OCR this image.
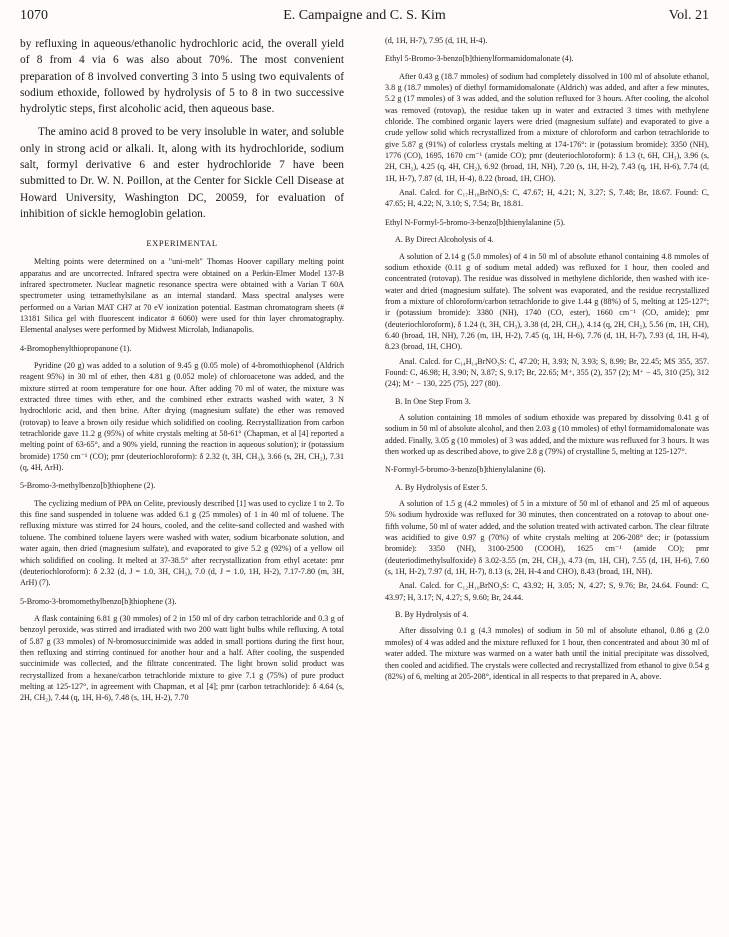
1070	E. Campaigne and C. S. Kim	Vol. 21

by refluxing in aqueous/ethanolic hydrochloric acid, the overall yield of 8 from 4 via 6 was also about 70%. The most convenient preparation of 8 involved converting 3 into 5 using two equivalents of sodium ethoxide, followed by hydrolysis of 5 to 8 in two successive hydrolytic steps, first alcoholic acid, then aqueous base.

The amino acid 8 proved to be very insoluble in water, and soluble only in strong acid or alkali. It, along with its hydrochloride, sodium salt, formyl derivative 6 and ester hydrochloride 7 have been submitted to Dr. W. N. Poillon, at the Center for Sickle Cell Disease at Howard University, Washington DC, 20059, for evaluation of inhibition of sickle hemoglobin gelation.

EXPERIMENTAL

Melting points were determined on a "uni-melt" Thomas Hoover capillary melting point apparatus and are uncorrected. Infrared spectra were obtained on a Perkin-Elmer Model 137-B infrared spectrometer. Nuclear magnetic resonance spectra were obtained with a Varian T 60A spectrometer using tetramethylsilane as an internal standard. Mass spectral analyses were performed on a Varian MAT CH7 at 70 eV ionization potential. Eastman chromatogram sheets (# 13181 Silica gel with fluorescent indicator # 6060) were used for thin layer chromatography. Elemental analyses were performed by Midwest Microlab, Indianapolis.

4-Bromophenylthiopropanone (1).

Pyridine (20 g) was added to a solution of 9.45 g (0.05 mole) of 4-bromothiophenol (Aldrich reagent 95%) in 30 ml of ether, then 4.81 g (0.052 mole) of chloroacetone was added, and the mixture stirred at room temperature for one hour. After adding 70 ml of water, the mixture was extracted three times with ether, and the combined ether extracts washed with water, 3 N hydrochloric acid, and then brine. After drying (magnesium sulfate) the ether was removed (rotovap) to leave a brown oily residue which solidified on cooling. Recrystallization from carbon tetrachloride gave 11.2 g (95%) of white crystals melting at 58-61° (Chapman, et al [4] reported a melting point of 63-65°, and a 90% yield, running the reaction in aqueous solution); ir (potassium bromide) 1750 cm⁻¹ (CO); pmr (deuteriochloroform): δ 2.32 (t, 3H, CH₃), 3.66 (s, 2H, CH₂), 7.31 (q, 4H, ArH).

5-Bromo-3-methylbenzo[b]thiophene (2).

The cyclizing medium of PPA on Celite, previously described [1] was used to cyclize 1 to 2. To this fine sand suspended in toluene was added 6.1 g (25 mmoles) of 1 in 40 ml of toluene. The refluxing mixture was stirred for 24 hours, cooled, and the celite-sand collected and washed with toluene. The combined toluene layers were washed with water, sodium bicarbonate solution, and water again, then dried (magnesium sulfate), and evaporated to give 5.2 g (92%) of a yellow oil which solidified on cooling. It melted at 37-38.5° after recrystallization from ethyl acetate: pmr (deuteriochloroform): δ 2.32 (d, J = 1.0, 3H, CH₃), 7.0 (d, J = 1.0, 1H, H-2), 7.17-7.80 (m, 3H, ArH) (7).

5-Bromo-3-bromomethylbenzo[b]thiophene (3).

A flask containing 6.81 g (30 mmoles) of 2 in 150 ml of dry carbon tetrachloride and 0.3 g of benzoyl peroxide, was stirred and irradiated with two 200 watt light bulbs while refluxing. A total of 5.87 g (33 mmoles) of N-bromosuccinimide was added in small portions during the first hour, then refluxing and stirring continued for another hour and a half. After cooling, the suspended succinimide was collected, and the filtrate concentrated. The light brown solid product was recrystallized from a hexane/carbon tetrachloride mixture to give 7.1 g (75%) of pure product melting at 125-127°, in agreement with Chapman, et al [4]; pmr (carbon tetrachloride): δ 4.64 (s, 2H, CH₂), 7.44 (q, 1H, H-6), 7.48 (s, 1H, H-2), 7.70

(d, 1H, H-7), 7.95 (d, 1H, H-4).

Ethyl 5-Bromo-3-benzo[b]thienylformamidomalonate (4).

After 0.43 g (18.7 mmoles) of sodium had completely dissolved in 100 ml of absolute ethanol, 3.8 g (18.7 mmoles) of diethyl formamidomalonate (Aldrich) was added, and after a few minutes, 5.2 g (17 mmoles) of 3 was added, and the solution refluxed for 3 hours. After cooling, the alcohol was removed (rotovap), the residue taken up in water and extracted 3 times with methylene chloride. The combined organic layers were dried (magnesium sulfate) and evaporated to give a crude yellow solid which recrystallized from a mixture of chloroform and carbon tetrachloride to give 5.87 g (91%) of colorless crystals melting at 174-176°: ir (potassium bromide): 3350 (NH), 1776 (CO), 1695, 1670 cm⁻¹ (amide CO); pmr (deuteriochloroform): δ 1.3 (t, 6H, CH₃), 3.96 (s, 2H, CH₂), 4.25 (q, 4H, CH₂), 6.92 (broad, 1H, NH), 7.20 (s, 1H, H-2), 7.43 (q, 1H, H-6), 7.74 (d, 1H, H-7), 7.87 (d, 1H, H-4), 8.22 (broad, 1H, CHO).

Anal. Calcd. for C₁₇H₁₈BrNO₅S: C, 47.67; H, 4.21; N, 3.27; S, 7.48; Br, 18.67. Found: C, 47.65; H, 4.22; N, 3.10; S, 7.54; Br, 18.81.

Ethyl N-Formyl-5-bromo-3-benzo[b]thienylalanine (5).
A. By Direct Alcoholysis of 4.

A solution of 2.14 g (5.0 mmoles) of 4 in 50 ml of absolute ethanol containing 4.8 mmoles of sodium ethoxide (0.11 g of sodium metal added) was refluxed for 1 hour, then cooled and concentrated (rotovap). The residue was dissolved in methylene dichloride, then washed with ice-water and dried (magnesium sulfate). The solvent was evaporated, and the residue recrystallized from a mixture of chloroform/carbon tetrachloride to give 1.44 g (88%) of 5, melting at 125-127°; ir (potassium bromide): 3380 (NH), 1740 (CO, ester), 1660 cm⁻¹ (CO, amide); pmr (deuteriochloroform), δ 1.24 (t, 3H, CH₃), 3.38 (d, 2H, CH₂), 4.14 (q, 2H, CH₂), 5.56 (m, 1H, CH), 6.40 (broad, 1H, NH), 7.26 (m, 1H, H-2), 7.45 (q, 1H, H-6), 7.76 (d, 1H, H-7), 7.93 (d, 1H, H-4), 8.23 (broad, 1H, CHO).

Anal. Calcd. for C₁₄H₁₄BrNO₃S: C, 47.20; H, 3.93; N, 3.93; S, 8.99; Br, 22.45; MS 355, 357. Found: C, 46.98; H, 3.90; N, 3.87; S, 9.17; Br, 22.65; M⁺, 355 (2), 357 (2); M⁺ − 45, 310 (25), 312 (24); M⁺ − 130, 225 (75), 227 (80).

B. In One Step From 3.

A solution containing 18 mmoles of sodium ethoxide was prepared by dissolving 0.41 g of sodium in 50 ml of absolute alcohol, and then 2.03 g (10 mmoles) of ethyl formamidomalonate was added. Finally, 3.05 g (10 mmoles) of 3 was added, and the mixture was refluxed for 3 hours. It was then worked up as described above, to give 2.8 g (79%) of crystalline 5, melting at 125-127°.

N-Formyl-5-bromo-3-benzo[b]thienylalanine (6).
A. By Hydrolysis of Ester 5.

A solution of 1.5 g (4.2 mmoles) of 5 in a mixture of 50 ml of ethanol and 25 ml of aqueous 5% sodium hydroxide was refluxed for 30 minutes, then concentrated on a rotovap to about one-fifth volume, 50 ml of water added, and the solution treated with activated carbon. The clear filtrate was acidified to give 0.97 g (70%) of white crystals melting at 206-208° dec; ir (potassium bromide): 3350 (NH), 3100-2500 (COOH), 1625 cm⁻¹ (amide CO); pmr (deuteriodimethylsulfoxide) δ 3.02-3.55 (m, 2H, CH₂), 4.73 (m, 1H, CH), 7.55 (d, 1H, H-6), 7.60 (s, 1H, H-2), 7.97 (d, 1H, H-7), 8.13 (s, 2H, H-4 and CHO), 8.43 (broad, 1H, NH).

Anal. Calcd. for C₁₂H₁₀BrNO₃S: C, 43.92; H, 3.05; N, 4.27; S, 9.76; Br, 24.64. Found: C, 43.97; H, 3.17; N, 4.27; S, 9.60; Br, 24.44.

B. By Hydrolysis of 4.

After dissolving 0.1 g (4.3 mmoles) of sodium in 50 ml of absolute ethanol, 0.86 g (2.0 mmoles) of 4 was added and the mixture refluxed for 1 hour, then concentrated and about 30 ml of water added. The mixture was warmed on a water bath until the initial precipitate was dissolved, then cooled and acidified. The crystals were collected and recrystallized from ethanol to give 0.54 g (82%) of 6, melting at 205-208°, identical in all respects to that prepared in A, above.
